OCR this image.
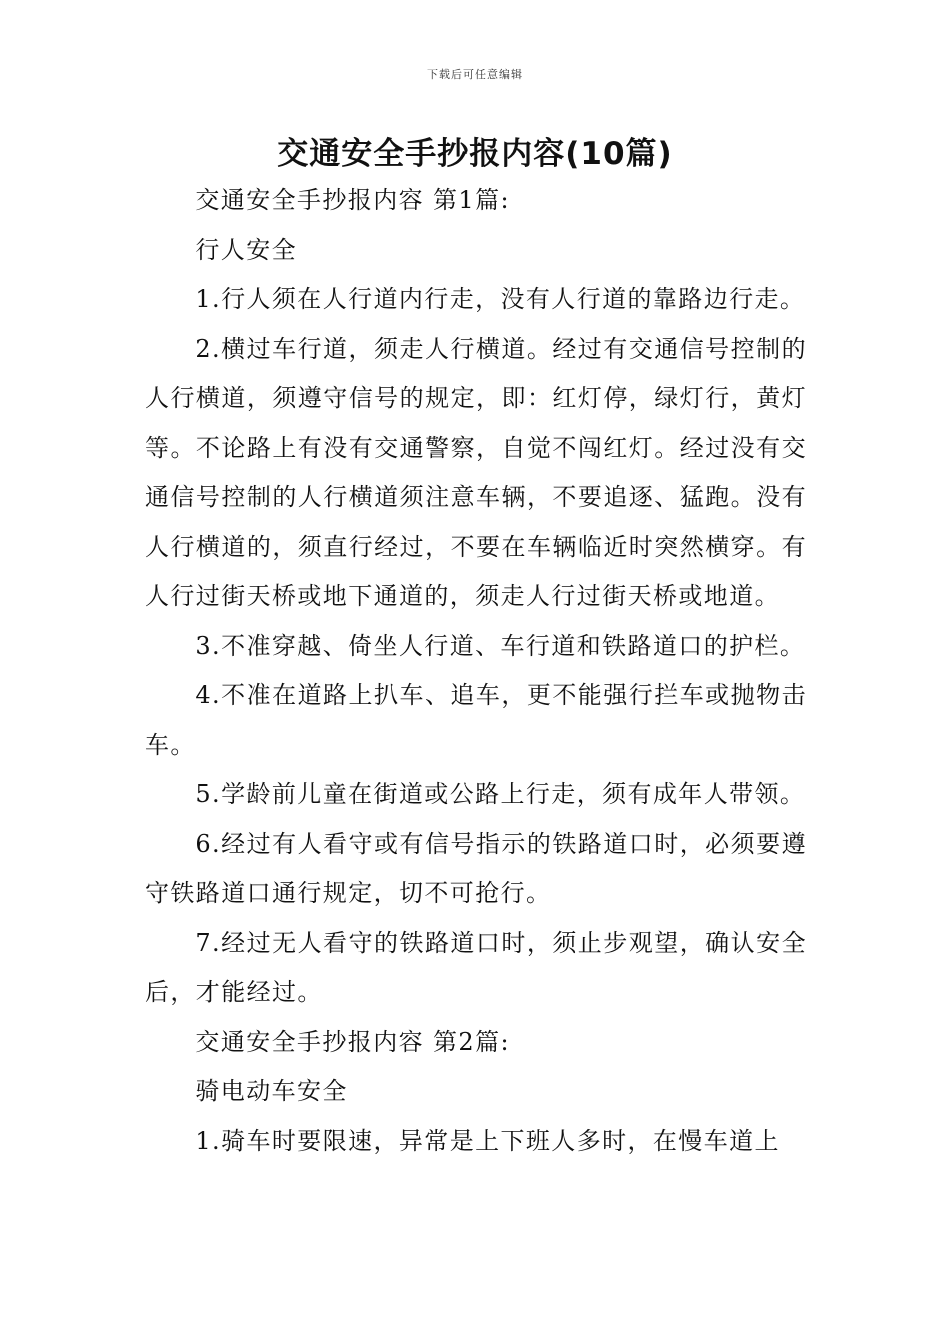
下载后可任意编辑
交通安全手抄报内容(10篇)

交通安全手抄报内容 第1篇:

行人安全

1.行人须在人行道内行走，没有人行道的靠路边行走。

2.横过车行道，须走人行横道。经过有交通信号控制的人行横道，须遵守信号的规定，即：红灯停，绿灯行，黄灯等。不论路上有没有交通警察，自觉不闯红灯。经过没有交通信号控制的人行横道须注意车辆，不要追逐、猛跑。没有人行横道的，须直行经过，不要在车辆临近时突然横穿。有人行过街天桥或地下通道的，须走人行过街天桥或地道。

3.不准穿越、倚坐人行道、车行道和铁路道口的护栏。

4.不准在道路上扒车、追车，更不能强行拦车或抛物击车。

5.学龄前儿童在街道或公路上行走，须有成年人带领。

6.经过有人看守或有信号指示的铁路道口时，必须要遵守铁路道口通行规定，切不可抢行。

7.经过无人看守的铁路道口时，须止步观望，确认安全后，才能经过。

交通安全手抄报内容 第2篇:

骑电动车安全

1.骑车时要限速，异常是上下班人多时，在慢车道上
